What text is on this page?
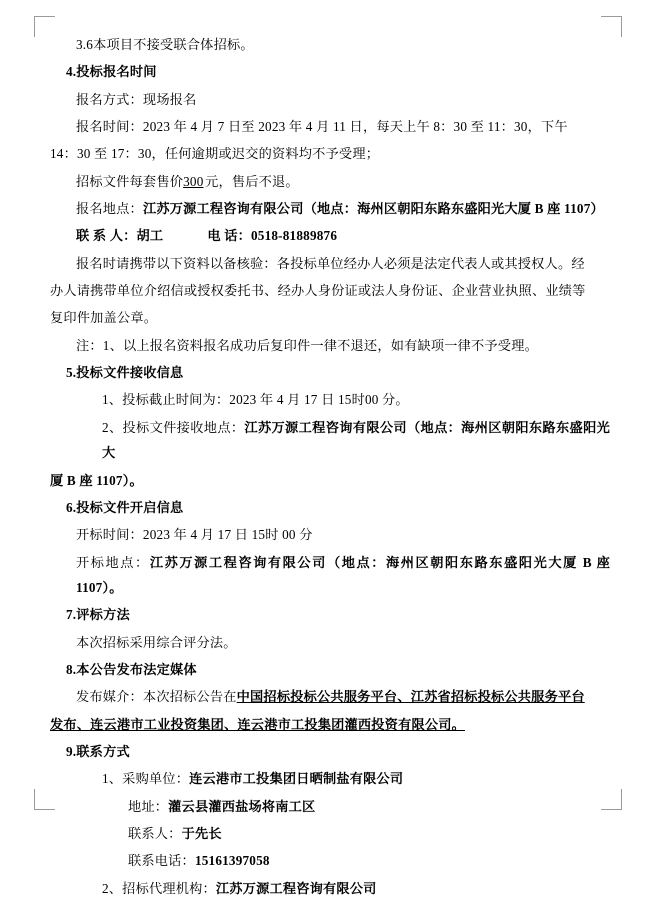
3.6本项目不接受联合体招标。

4.投标报名时间

报名方式：现场报名

报名时间：2023 年 4 月 7 日至 2023 年 4 月 11 日，每天上午 8：30 至 11：30，下午

14：30 至 17：30，任何逾期或迟交的资料均不予受理；

招标文件每套售价300 元，售后不退。

报名地点：江苏万源工程咨询有限公司（地点：海州区朝阳东路东盛阳光大厦 B 座 1107）

联 系 人：胡工	电 话：0518-81889876

报名时请携带以下资料以备核验：各投标单位经办人必须是法定代表人或其授权人。经

办人请携带单位介绍信或授权委托书、经办人身份证或法人身份证、企业营业执照、业绩等

复印件加盖公章。

注：1、以上报名资料报名成功后复印件一律不退还，如有缺项一律不予受理。

5.投标文件接收信息

1、投标截止时间为：2023 年 4 月 17 日 15时00 分。

2、投标文件接收地点：江苏万源工程咨询有限公司（地点：海州区朝阳东路东盛阳光大

厦 B 座 1107）。

6.投标文件开启信息

开标时间：2023 年 4 月 17 日 15时 00 分

开标地点：江苏万源工程咨询有限公司（地点：海州区朝阳东路东盛阳光大厦 B 座 1107）。

7.评标方法

本次招标采用综合评分法。

8.本公告发布法定媒体

发布媒介：本次招标公告在中国招标投标公共服务平台、江苏省招标投标公共服务平台

发布、连云港市工业投资集团、连云港市工投集团灌西投资有限公司。

9.联系方式

1、采购单位：连云港市工投集团日晒制盐有限公司

地址：灌云县灌西盐场将南工区

联系人：于先长

联系电话：15161397058

2、招标代理机构：江苏万源工程咨询有限公司
